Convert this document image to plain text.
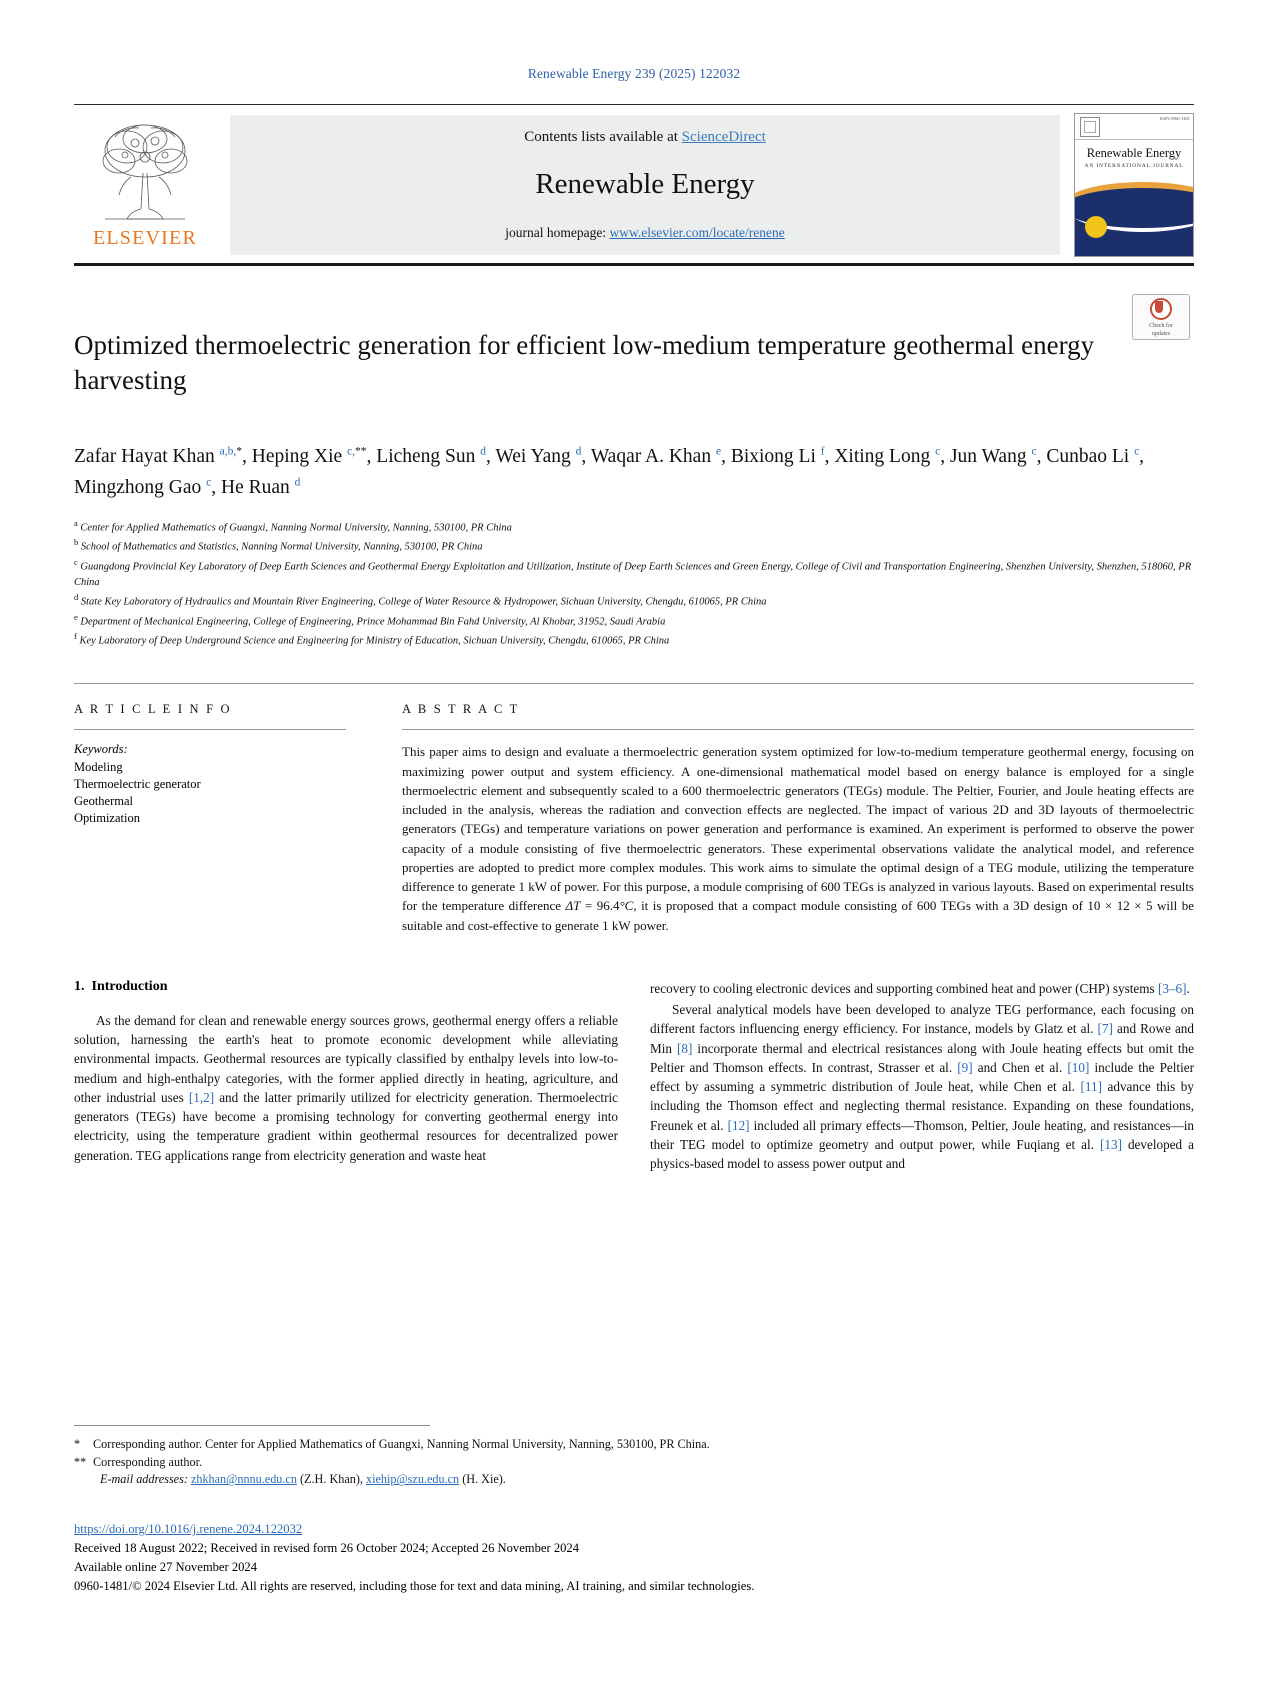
Renewable Energy 239 (2025) 122032
ELSEVIER
Contents lists available at ScienceDirect
Renewable Energy
journal homepage: www.elsevier.com/locate/renene
ISSN 0960-1481
Renewable Energy
AN INTERNATIONAL JOURNAL
Optimized thermoelectric generation for efficient low-medium temperature geothermal energy harvesting
Check for
updates
Zafar Hayat Khan $^{a,b,*}$, Heping Xie $^{c,**}$, Licheng Sun $^d$, Wei Yang $^d$, Waqar A. Khan $^e$, Bixiong Li $^f$, Xiting Long $^c$, Jun Wang $^c$, Cunbao Li $^c$, Mingzhong Gao $^c$, He Ruan $^d$
$^a$ Center for Applied Mathematics of Guangxi, Nanning Normal University, Nanning, 530100, PR China
$^b$ School of Mathematics and Statistics, Nanning Normal University, Nanning, 530100, PR China
$^c$ Guangdong Provincial Key Laboratory of Deep Earth Sciences and Geothermal Energy Exploitation and Utilization, Institute of Deep Earth Sciences and Green Energy, College of Civil and Transportation Engineering, Shenzhen University, Shenzhen, 518060, PR China
$^d$ State Key Laboratory of Hydraulics and Mountain River Engineering, College of Water Resource & Hydropower, Sichuan University, Chengdu, 610065, PR China
$^e$ Department of Mechanical Engineering, College of Engineering, Prince Mohammad Bin Fahd University, Al Khobar, 31952, Saudi Arabia
$^f$ Key Laboratory of Deep Underground Science and Engineering for Ministry of Education, Sichuan University, Chengdu, 610065, PR China
A R T I C L E I N F O
Keywords:
Modeling
Thermoelectric generator
Geothermal
Optimization
A B S T R A C T
This paper aims to design and evaluate a thermoelectric generation system optimized for low-to-medium temperature geothermal energy, focusing on maximizing power output and system efficiency. A one-dimensional mathematical model based on energy balance is employed for a single thermoelectric element and subsequently scaled to a 600 thermoelectric generators (TEGs) module. The Peltier, Fourier, and Joule heating effects are included in the analysis, whereas the radiation and convection effects are neglected. The impact of various 2D and 3D layouts of thermoelectric generators (TEGs) and temperature variations on power generation and performance is examined. An experiment is performed to observe the power capacity of a module consisting of five thermoelectric generators. These experimental observations validate the analytical model, and reference properties are adopted to predict more complex modules. This work aims to simulate the optimal design of a TEG module, utilizing the temperature difference to generate 1 kW of power. For this purpose, a module comprising of 600 TEGs is analyzed in various layouts. Based on experimental results for the temperature difference ΔT = 96.4°C, it is proposed that a compact module consisting of 600 TEGs with a 3D design of 10 × 12 × 5 will be suitable and cost-effective to generate 1 kW power.
1. Introduction

As the demand for clean and renewable energy sources grows, geothermal energy offers a reliable solution, harnessing the earth's heat to promote economic development while alleviating environmental impacts. Geothermal resources are typically classified by enthalpy levels into low-to-medium and high-enthalpy categories, with the former applied directly in heating, agriculture, and other industrial uses [1,2] and the latter primarily utilized for electricity generation. Thermoelectric generators (TEGs) have become a promising technology for converting geothermal energy into electricity, using the temperature gradient within geothermal resources for decentralized power generation. TEG applications range from electricity generation and waste heat

recovery to cooling electronic devices and supporting combined heat and power (CHP) systems [3–6].

Several analytical models have been developed to analyze TEG performance, each focusing on different factors influencing energy efficiency. For instance, models by Glatz et al. [7] and Rowe and Min [8] incorporate thermal and electrical resistances along with Joule heating effects but omit the Peltier and Thomson effects. In contrast, Strasser et al. [9] and Chen et al. [10] include the Peltier effect by assuming a symmetric distribution of Joule heat, while Chen et al. [11] advance this by including the Thomson effect and neglecting thermal resistance. Expanding on these foundations, Freunek et al. [12] included all primary effects—Thomson, Peltier, Joule heating, and resistances—in their TEG model to optimize geometry and output power, while Fuqiang et al. [13] developed a physics-based model to assess power output and

* Corresponding author. Center for Applied Mathematics of Guangxi, Nanning Normal University, Nanning, 530100, PR China.
** Corresponding author.
E-mail addresses: zhkhan@nnnu.edu.cn (Z.H. Khan), xiehip@szu.edu.cn (H. Xie).
https://doi.org/10.1016/j.renene.2024.122032
Received 18 August 2022; Received in revised form 26 October 2024; Accepted 26 November 2024
Available online 27 November 2024
0960-1481/© 2024 Elsevier Ltd. All rights are reserved, including those for text and data mining, AI training, and similar technologies.
